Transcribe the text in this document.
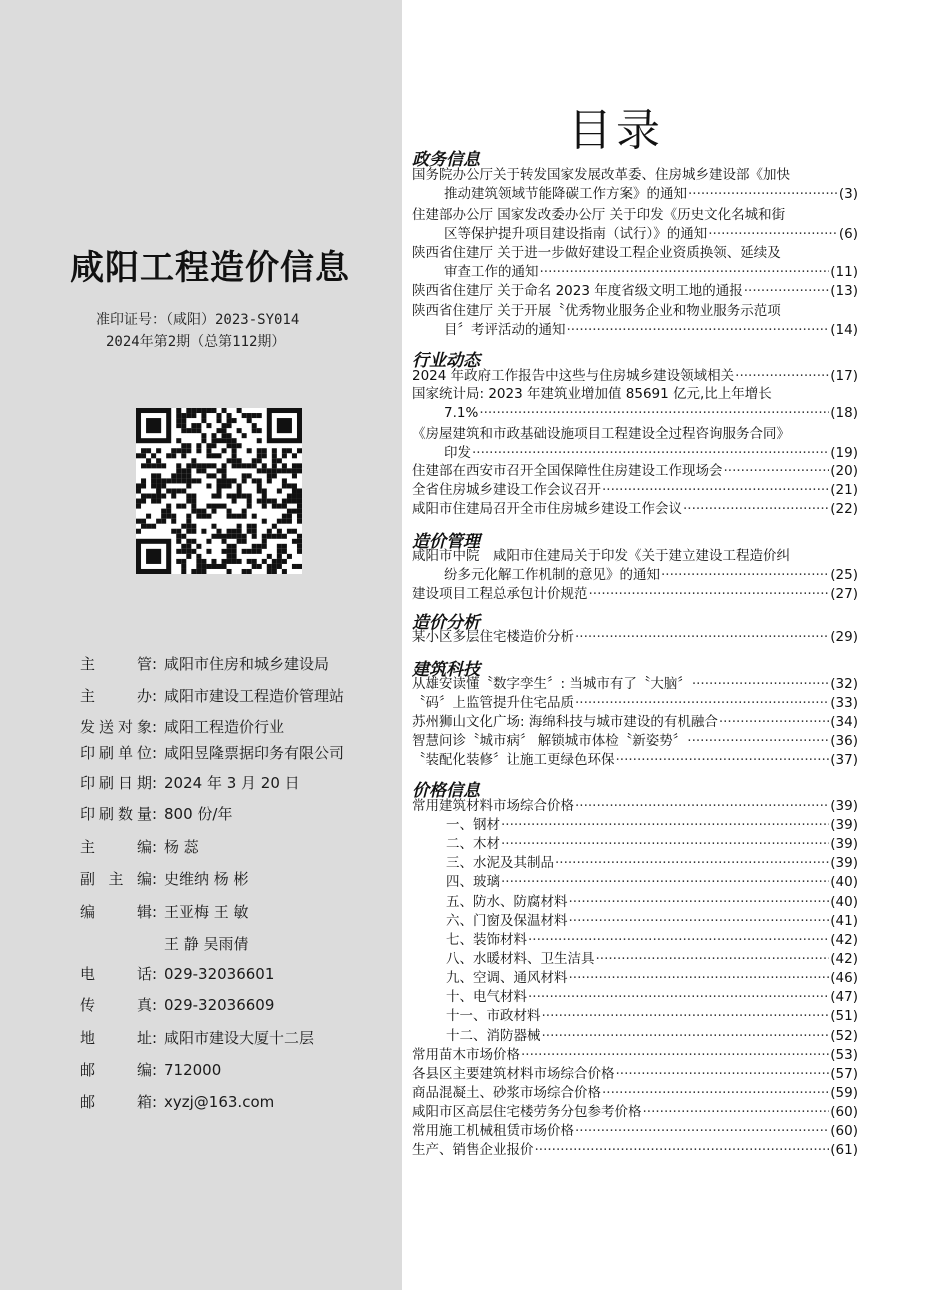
咸阳工程造价信息
准印证号：（咸阳）2023-SY014
2024年第2期（总第112期）
主管: 咸阳市住房和城乡建设局
主办: 咸阳市建设工程造价管理站
发送对象: 咸阳工程造价行业
印刷单位: 咸阳昱隆票据印务有限公司
印刷日期: 2024 年 3 月 20 日
印刷数量: 800 份/年
主编: 杨 蕊
副主编: 史维纳 杨 彬
编辑: 王亚梅 王 敏
王 静 吴雨倩
电话: 029-32036601
传真: 029-32036609
地址: 咸阳市建设大厦十二层
邮编: 712000
邮箱: xyzj@163.com
目录
政务信息
国务院办公厅关于转发国家发展改革委、住房城乡建设部《加快
推动建筑领域节能降碳工作方案》的通知 ·····	(3)
住建部办公厅 国家发改委办公厅 关于印发《历史文化名城和街
区等保护提升项目建设指南（试行）》的通知 ·····	(6)
陕西省住建厅 关于进一步做好建设工程企业资质换领、延续及
审查工作的通知 ·····	(11)
陕西省住建厅 关于命名 2023 年度省级文明工地的通报 ·····	(13)
陕西省住建厅 关于开展〝优秀物业服务企业和物业服务示范项
目〞考评活动的通知 ·····	(14)
行业动态
2024 年政府工作报告中这些与住房城乡建设领域相关 ·····	(17)
国家统计局: 2023 年建筑业增加值 85691 亿元,比上年增长
7.1% ·····	(18)
《房屋建筑和市政基础设施项目工程建设全过程咨询服务合同》
印发 ·····	(19)
住建部在西安市召开全国保障性住房建设工作现场会 ·····	(20)
全省住房城乡建设工作会议召开 ·····	(21)
咸阳市住建局召开全市住房城乡建设工作会议 ·····	(22)
造价管理
咸阳市中院　咸阳市住建局关于印发《关于建立建设工程造价纠
纷多元化解工作机制的意见》的通知 ·····	(25)
建设项目工程总承包计价规范 ·····	(27)
造价分析
某小区多层住宅楼造价分析 ·····	(29)
建筑科技
从雄安读懂〝数字孪生〞: 当城市有了〝大脑〞 ·····	(32)
〝码〞上监管提升住宅品质 ·····	(33)
苏州狮山文化广场: 海绵科技与城市建设的有机融合 ·····	(34)
智慧问诊〝城市病〞 解锁城市体检〝新姿势〞 ·····	(36)
〝装配化装修〞让施工更绿色环保 ·····	(37)
价格信息
常用建筑材料市场综合价格 ·····	(39)
一、钢材 ·····	(39)
二、木材 ·····	(39)
三、水泥及其制品 ·····	(39)
四、玻璃 ·····	(40)
五、防水、防腐材料 ·····	(40)
六、门窗及保温材料 ·····	(41)
七、装饰材料 ·····	(42)
八、水暖材料、卫生洁具 ·····	(42)
九、空调、通风材料 ·····	(46)
十、电气材料 ·····	(47)
十一、市政材料 ·····	(51)
十二、消防器械 ·····	(52)
常用苗木市场价格 ·····	(53)
各县区主要建筑材料市场综合价格 ·····	(57)
商品混凝土、砂浆市场综合价格 ·····	(59)
咸阳市区高层住宅楼劳务分包参考价格 ·····	(60)
常用施工机械租赁市场价格 ·····	(60)
生产、销售企业报价 ·····	(61)
